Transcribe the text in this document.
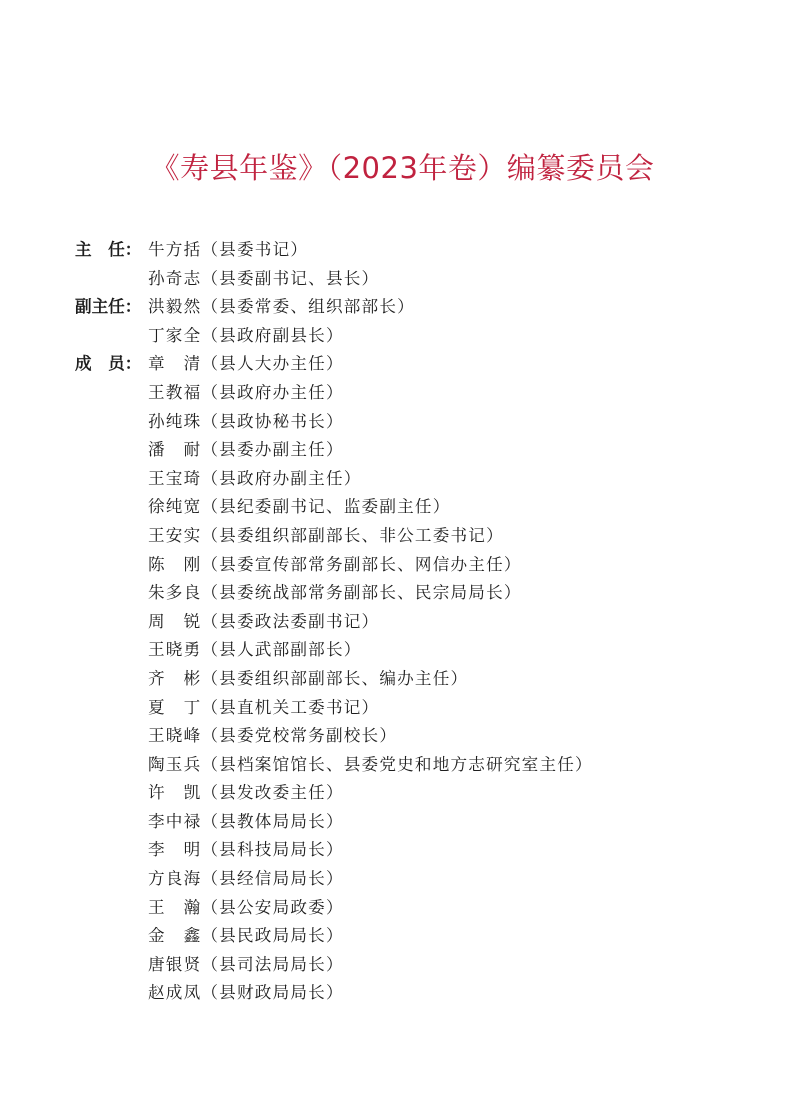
《寿县年鉴》（2023年卷）编纂委员会
主　任： 牛方括（县委书记）
孙奇志（县委副书记、县长）
副主任： 洪毅然（县委常委、组织部部长）
丁家全（县政府副县长）
成　员： 章　清（县人大办主任）
王教福（县政府办主任）
孙纯珠（县政协秘书长）
潘　耐（县委办副主任）
王宝琦（县政府办副主任）
徐纯宽（县纪委副书记、监委副主任）
王安实（县委组织部副部长、非公工委书记）
陈　刚（县委宣传部常务副部长、网信办主任）
朱多良（县委统战部常务副部长、民宗局局长）
周　锐（县委政法委副书记）
王晓勇（县人武部副部长）
齐　彬（县委组织部副部长、编办主任）
夏　丁（县直机关工委书记）
王晓峰（县委党校常务副校长）
陶玉兵（县档案馆馆长、县委党史和地方志研究室主任）
许　凯（县发改委主任）
李中禄（县教体局局长）
李　明（县科技局局长）
方良海（县经信局局长）
王　瀚（县公安局政委）
金　鑫（县民政局局长）
唐银贤（县司法局局长）
赵成凤（县财政局局长）
